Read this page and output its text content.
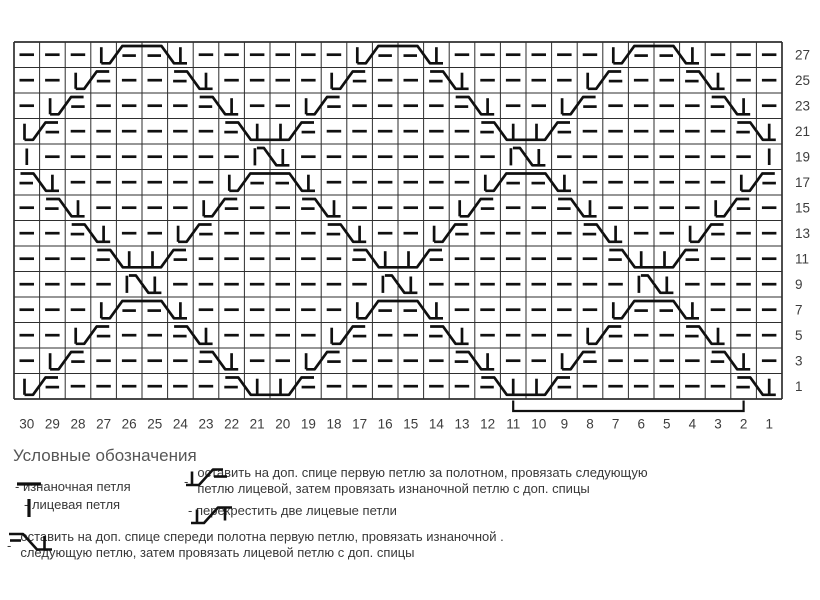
27
25
23
21
19
17
15
13
11
9
7
5
3
1
30 29 28 27 26 25 24 23 22 21 20 19 18 17 16 15 14 13 12 11 10 9 8 7 6 5 4 3 2 1
Условные обозначения
- изнаночная петля
- лицевая петля
-
оставить на доп. спице первую петлю за полотном, провязать следующую
петлю лицевой, затем провязать изнаночной петлю с доп. спицы
- перекрестить две лицевые петли
-
оставить на доп. спице спереди полотна первую петлю, провязать изнаночной .
следующую петлю, затем провязать лицевой петлю с доп. спицы
